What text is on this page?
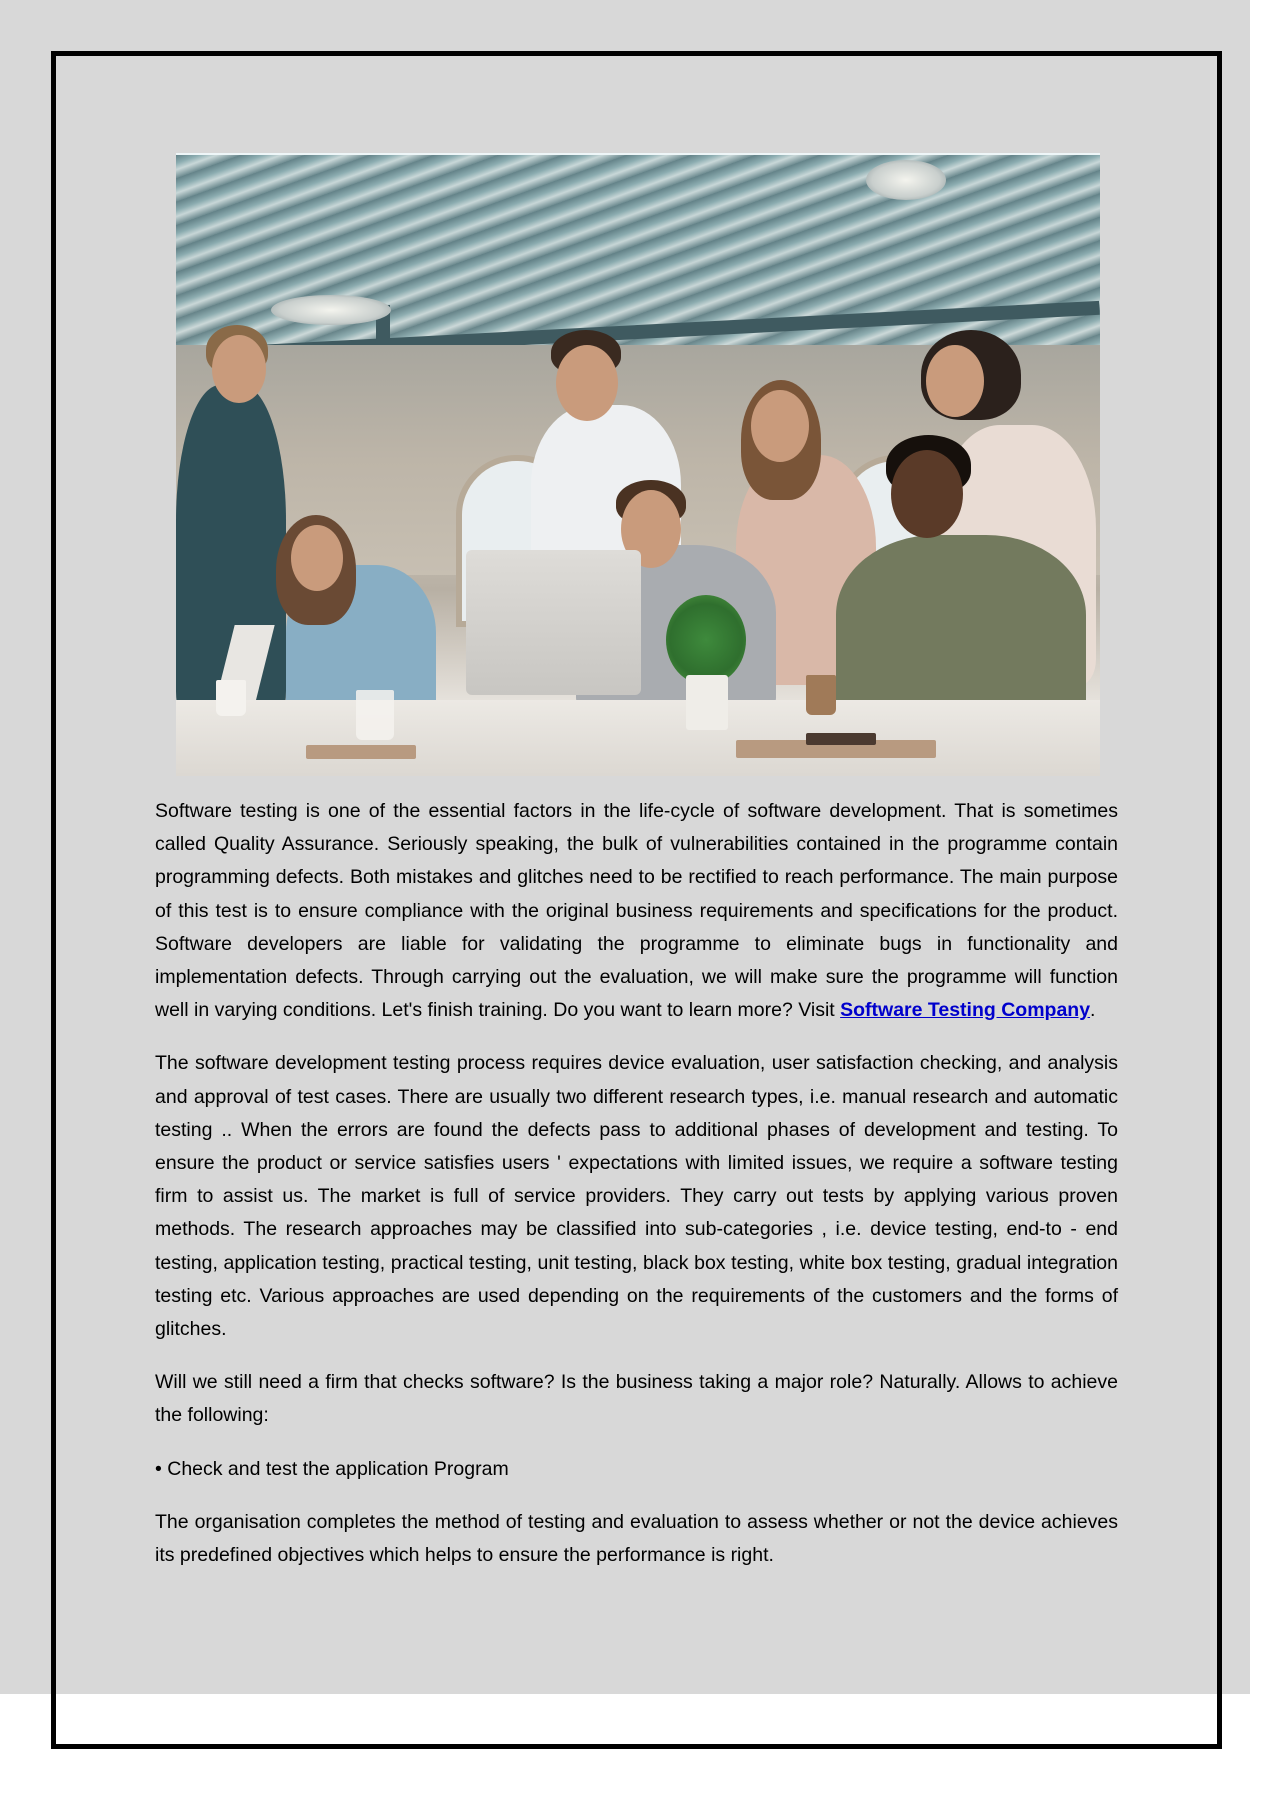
Software testing is one of the essential factors in the life-cycle of software development. That is sometimes called Quality Assurance. Seriously speaking, the bulk of vulnerabilities contained in the programme contain programming defects. Both mistakes and glitches need to be rectified to reach performance. The main purpose of this test is to ensure compliance with the original business requirements and specifications for the product. Software developers are liable for validating the programme to eliminate bugs in functionality and implementation defects. Through carrying out the evaluation, we will make sure the programme will function well in varying conditions. Let's finish training. Do you want to learn more? Visit Software Testing Company.

The software development testing process requires device evaluation, user satisfaction checking, and analysis and approval of test cases. There are usually two different research types, i.e. manual research and automatic testing .. When the errors are found the defects pass to additional phases of development and testing. To ensure the product or service satisfies users ' expectations with limited issues, we require a software testing firm to assist us. The market is full of service providers. They carry out tests by applying various proven methods. The research approaches may be classified into sub-categories , i.e. device testing, end-to - end testing, application testing, practical testing, unit testing, black box testing, white box testing, gradual integration testing etc. Various approaches are used depending on the requirements of the customers and the forms of glitches.

Will we still need a firm that checks software? Is the business taking a major role? Naturally. Allows to achieve the following:

• Check and test the application Program

The organisation completes the method of testing and evaluation to assess whether or not the device achieves its predefined objectives which helps to ensure the performance is right.
